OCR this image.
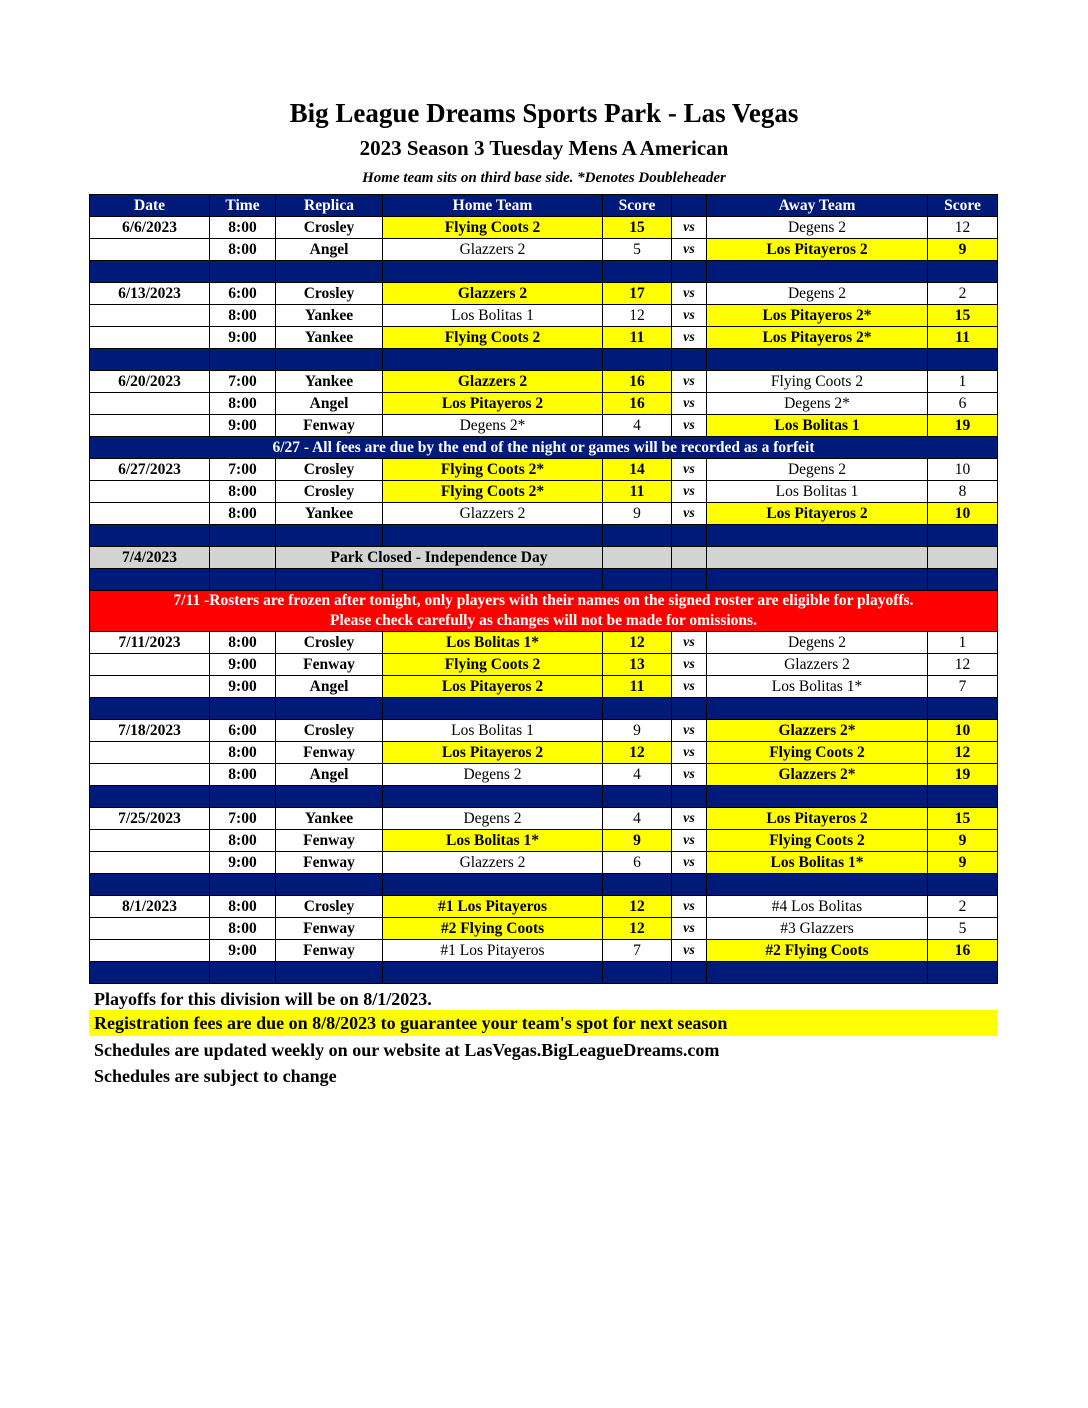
Big League Dreams Sports Park - Las Vegas
2023 Season 3 Tuesday Mens A American
Home team sits on third base side. *Denotes Doubleheader
Date	Time	Replica	Home Team	Score		Away Team	Score
6/6/2023	8:00	Crosley	Flying Coots 2	15	vs	Degens 2	12
	8:00	Angel	Glazzers 2	5	vs	Los Pitayeros 2	9

6/13/2023	6:00	Crosley	Glazzers 2	17	vs	Degens 2	2
	8:00	Yankee	Los Bolitas 1	12	vs	Los Pitayeros 2*	15
	9:00	Yankee	Flying Coots 2	11	vs	Los Pitayeros 2*	11

6/20/2023	7:00	Yankee	Glazzers 2	16	vs	Flying Coots 2	1
	8:00	Angel	Los Pitayeros 2	16	vs	Degens 2*	6
	9:00	Fenway	Degens 2*	4	vs	Los Bolitas 1	19
6/27 - All fees are due by the end of the night or games will be recorded as a forfeit							
6/27/2023	7:00	Crosley	Flying Coots 2*	14	vs	Degens 2	10
	8:00	Crosley	Flying Coots 2*	11	vs	Los Bolitas 1	8
	8:00	Yankee	Glazzers 2	9	vs	Los Pitayeros 2	10

7/4/2023		Park Closed - Independence Day					

7/11 -Rosters are frozen after tonight, only players with their names on the signed roster are eligible for playoffs.
Please check carefully as changes will not be made for omissions.							

7/11/2023	8:00	Crosley	Los Bolitas 1*	12	vs	Degens 2	1
	9:00	Fenway	Flying Coots 2	13	vs	Glazzers 2	12
	9:00	Angel	Los Pitayeros 2	11	vs	Los Bolitas 1*	7

7/18/2023	6:00	Crosley	Los Bolitas 1	9	vs	Glazzers 2*	10
	8:00	Fenway	Los Pitayeros 2	12	vs	Flying Coots 2	12
	8:00	Angel	Degens 2	4	vs	Glazzers 2*	19

7/25/2023	7:00	Yankee	Degens 2	4	vs	Los Pitayeros 2	15
	8:00	Fenway	Los Bolitas 1*	9	vs	Flying Coots 2	9
	9:00	Fenway	Glazzers 2	6	vs	Los Bolitas 1*	9

8/1/2023	8:00	Crosley	#1 Los Pitayeros	12	vs	#4 Los Bolitas	2
	8:00	Fenway	#2 Flying Coots	12	vs	#3 Glazzers	5
	9:00	Fenway	#1 Los Pitayeros	7	vs	#2 Flying Coots	16

Playoffs for this division will be on 8/1/2023.
Registration fees are due on 8/8/2023 to guarantee your team's spot for next season
Schedules are updated weekly on our website at LasVegas.BigLeagueDreams.com
Schedules are subject to change
